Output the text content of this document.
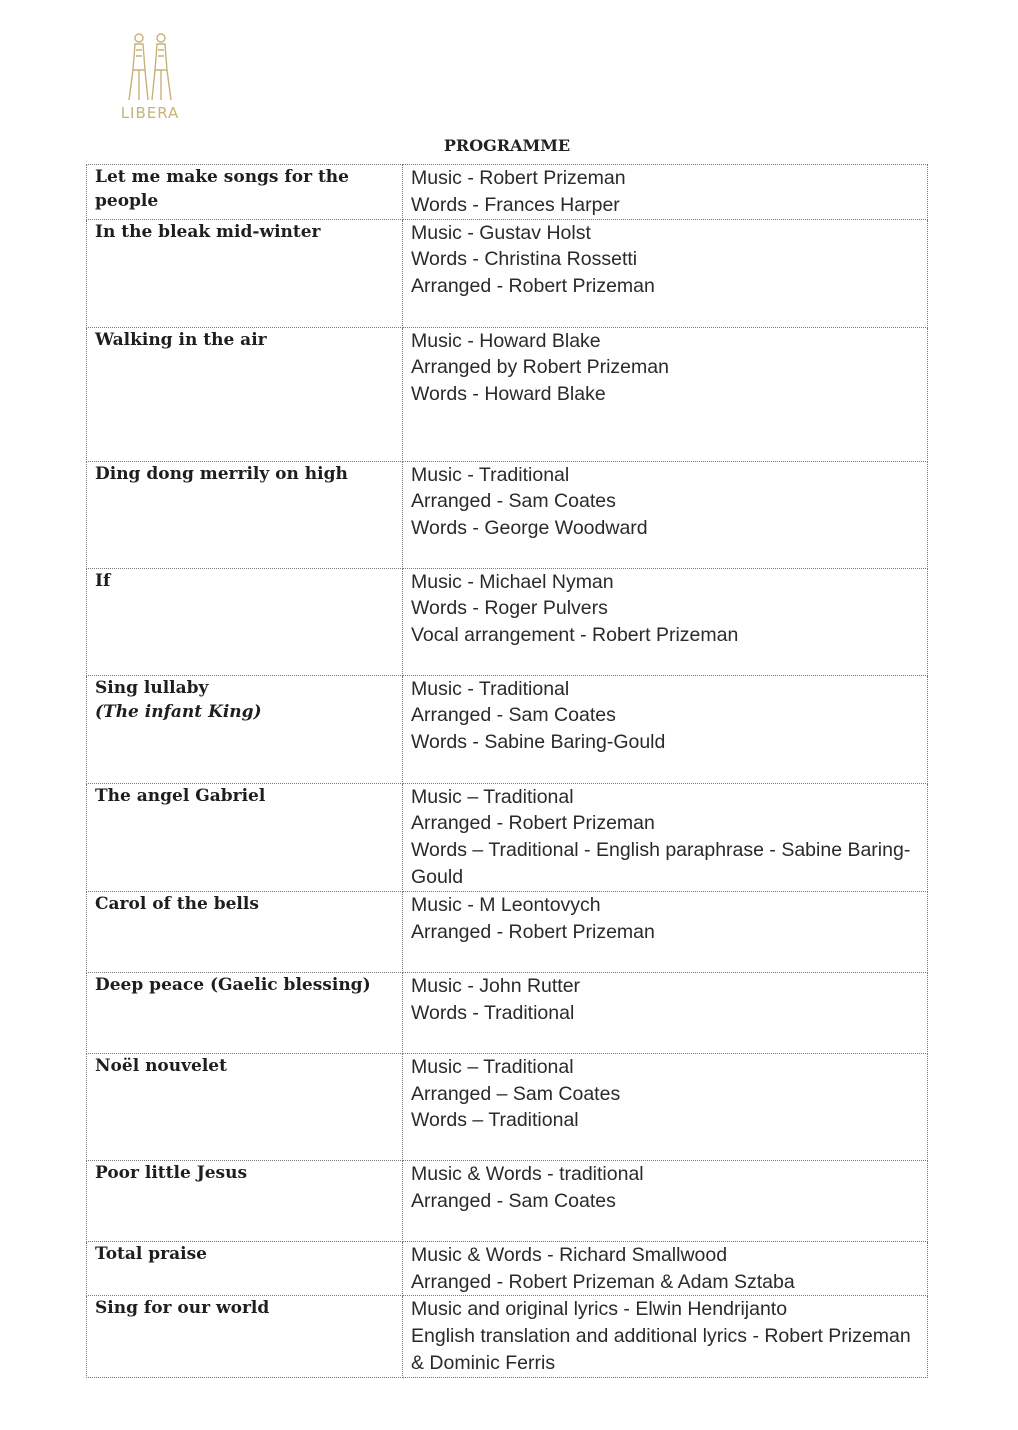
LIBERA
PROGRAMME
Let me make songs for the people	Music - Robert Prizeman
Words - Frances Harper

In the bleak mid-winter	Music - Gustav Holst
Words - Christina Rossetti
Arranged - Robert Prizeman

Walking in the air	Music - Howard Blake
Arranged by Robert Prizeman
Words - Howard Blake

Ding dong merrily on high	Music - Traditional
Arranged - Sam Coates
Words - George Woodward

If	Music - Michael Nyman
Words - Roger Pulvers
Vocal arrangement - Robert Prizeman

Sing lullaby
(The infant King)	Music - Traditional
Arranged - Sam Coates
Words - Sabine Baring-Gould

The angel Gabriel	Music – Traditional
Arranged - Robert Prizeman
Words – Traditional - English paraphrase - Sabine Baring-Gould

Carol of the bells	Music - M Leontovych
Arranged - Robert Prizeman

Deep peace (Gaelic blessing)	Music - John Rutter
Words - Traditional

Noël nouvelet	Music – Traditional
Arranged – Sam Coates
Words – Traditional

Poor little Jesus	Music & Words - traditional
Arranged - Sam Coates

Total praise	Music & Words - Richard Smallwood
Arranged - Robert Prizeman & Adam Sztaba

Sing for our world	Music and original lyrics - Elwin Hendrijanto
English translation and additional lyrics - Robert Prizeman & Dominic Ferris
